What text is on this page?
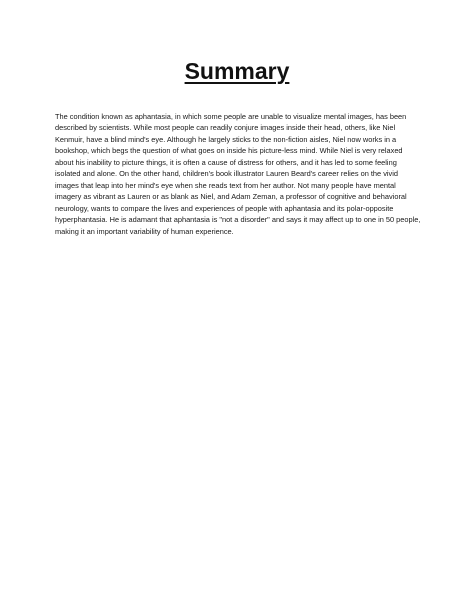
Summary

The condition known as aphantasia, in which some people are unable to visualize mental images, has been described by scientists. While most people can readily conjure images inside their head, others, like Niel Kenmuir, have a blind mind's eye. Although he largely sticks to the non-fiction aisles, Niel now works in a bookshop, which begs the question of what goes on inside his picture-less mind. While Niel is very relaxed about his inability to picture things, it is often a cause of distress for others, and it has led to some feeling isolated and alone. On the other hand, children's book illustrator Lauren Beard's career relies on the vivid images that leap into her mind's eye when she reads text from her author. Not many people have mental imagery as vibrant as Lauren or as blank as Niel, and Adam Zeman, a professor of cognitive and behavioral neurology, wants to compare the lives and experiences of people with aphantasia and its polar-opposite hyperphantasia. He is adamant that aphantasia is "not a disorder" and says it may affect up to one in 50 people, making it an important variability of human experience.
